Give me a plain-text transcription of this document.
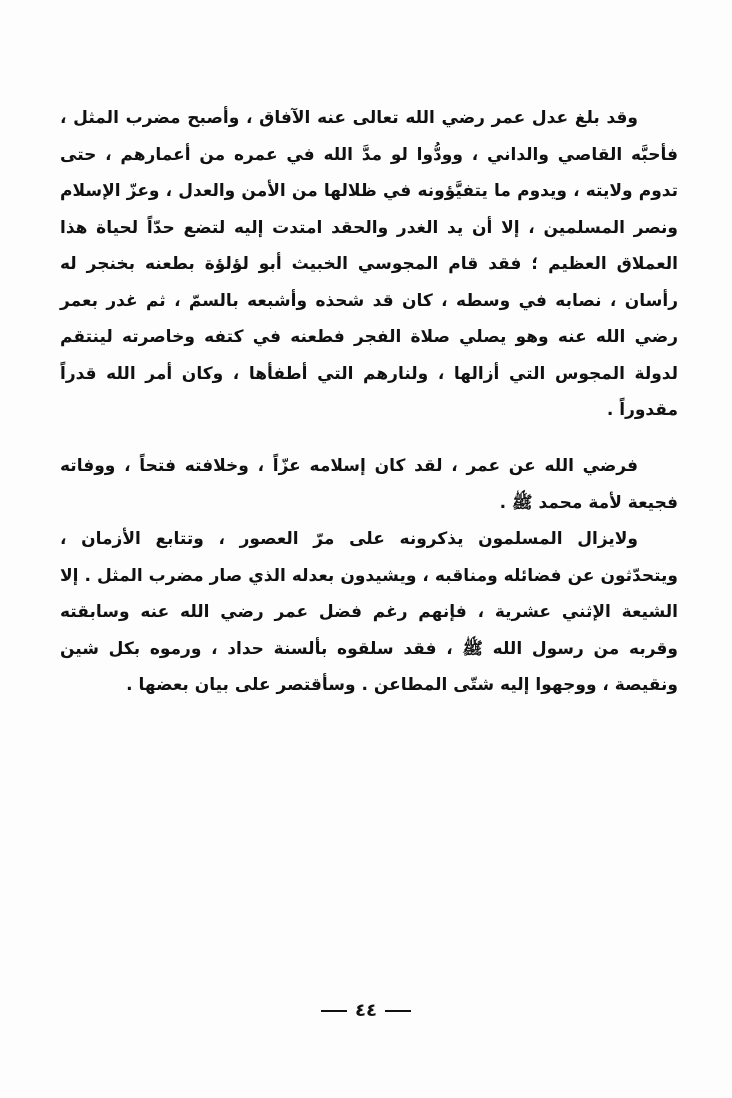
وقد بلغ عدل عمر رضي الله تعالى عنه الآفاق ، وأصبح مضرب المثل ، فأحبَّه القاصي والداني ، وودُّوا لو مدَّ الله في عمره من أعمارهم ، حتى تدوم ولايته ، ويدوم ما يتفيَّؤونه في ظلالها من الأمن والعدل ، وعزّ الإسلام ونصر المسلمين ، إلا أن يد الغدر والحقد امتدت إليه لتضع حدّاً لحياة هذا العملاق العظيم ؛ فقد قام المجوسي الخبيث أبو لؤلؤة بطعنه بخنجر له رأسان ، نصابه في وسطه ، كان قد شحذه وأشبعه بالسمّ ، ثم غدر بعمر رضي الله عنه وهو يصلي صلاة الفجر فطعنه في كتفه وخاصرته لينتقم لدولة المجوس التي أزالها ، ولنارهم التي أطفأها ، وكان أمر الله قدراً مقدوراً .

فرضي الله عن عمر ، لقد كان إسلامه عزّاً ، وخلافته فتحاً ، ووفاته فجيعة لأمة محمد ﷺ .

ولايزال المسلمون يذكرونه على مرّ العصور ، وتتابع الأزمان ، ويتحدّثون عن فضائله ومناقبه ، ويشيدون بعدله الذي صار مضرب المثل . إلا الشيعة الإثني عشرية ، فإنهم رغم فضل عمر رضي الله عنه وسابقته وقربه من رسول الله ﷺ ، فقد سلقوه بألسنة حداد ، ورموه بكل شين ونقيصة ، ووجهوا إليه شتّى المطاعن . وسأقتصر على بيان بعضها .

٤٤
